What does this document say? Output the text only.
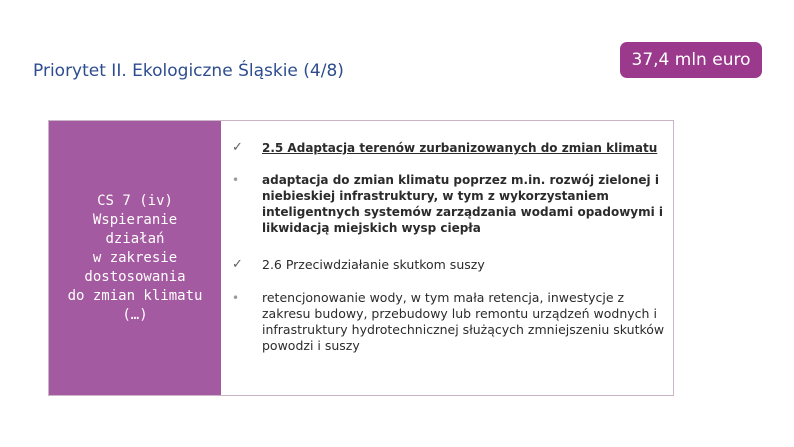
Priorytet II. Ekologiczne Śląskie (4/8)
37,4 mln euro
CS 7 (iv)
Wspieranie
działań
w zakresie
dostosowania
do zmian klimatu
(…)
✓	2.5 Adaptacja terenów zurbanizowanych do zmian klimatu
•	adaptacja do zmian klimatu poprzez m.in. rozwój zielonej i niebieskiej infrastruktury, w tym z wykorzystaniem inteligentnych systemów zarządzania wodami opadowymi i likwidacją miejskich wysp ciepła
✓	2.6 Przeciwdziałanie skutkom suszy
•	retencjonowanie wody, w tym mała retencja, inwestycje z zakresu budowy, przebudowy lub remontu urządzeń wodnych i infrastruktury hydrotechnicznej służących zmniejszeniu skutków powodzi i suszy
